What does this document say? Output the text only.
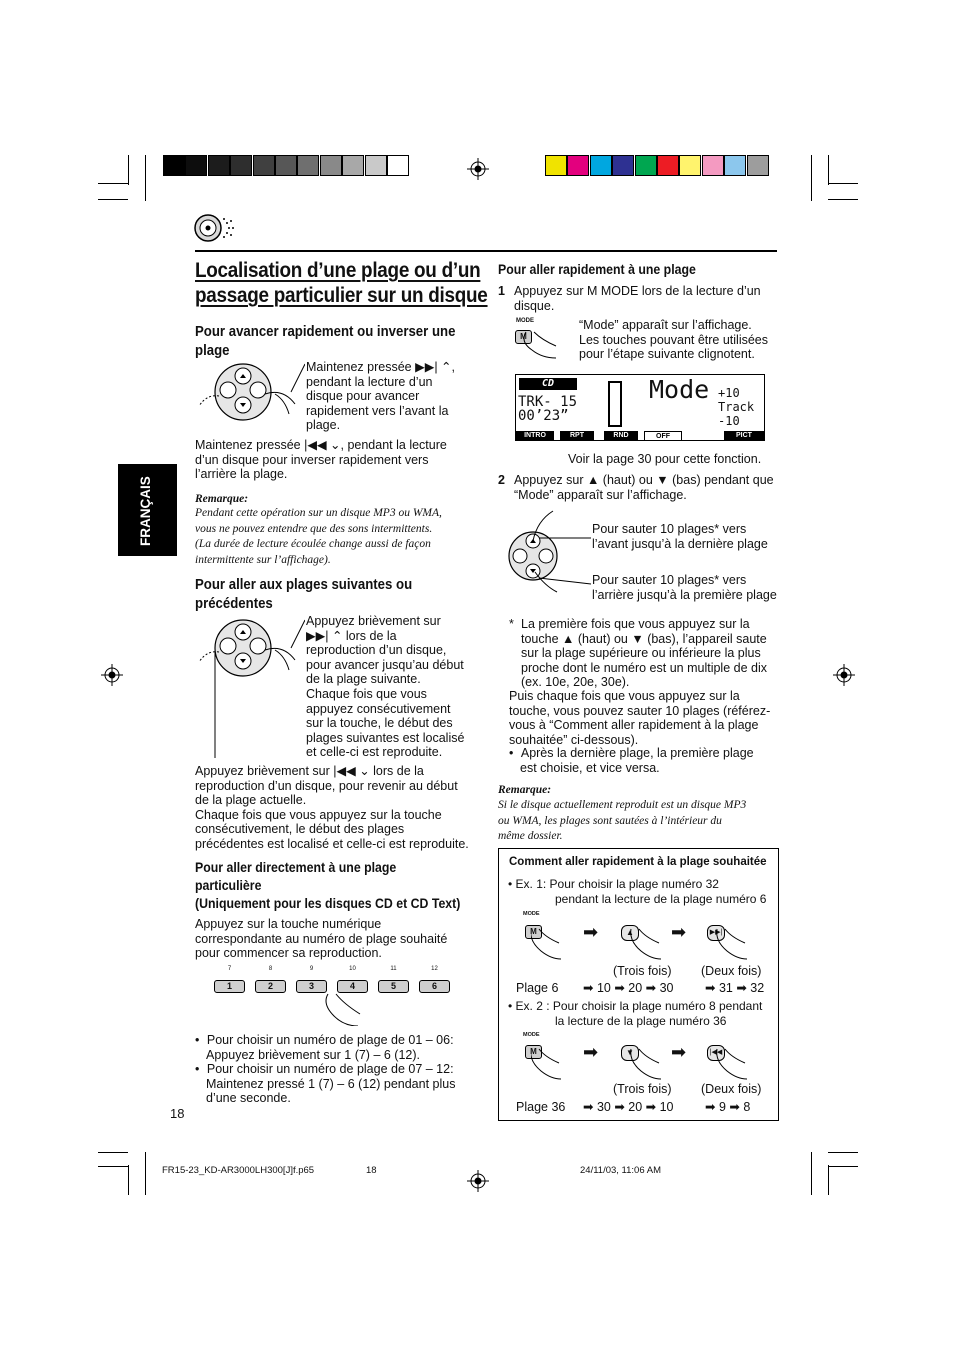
FRANÇAIS
Localisation d’une plage ou d’un
passage particulier sur un disque
Pour avancer rapidement ou inverser une
plage
Maintenez pressée ▶▶| ⌃,
pendant la lecture d’un
disque pour avancer
rapidement vers l’avant la
plage.
Maintenez pressée |◀◀ ⌄, pendant la lecture
d’un disque pour inverser rapidement vers
l’arrière la plage.
Remarque:
Pendant cette opération sur un disque MP3 ou WMA,
vous ne pouvez entendre que des sons intermittents.
(La durée de lecture écoulée change aussi de façon
intermittente sur l’affichage).
Pour aller aux plages suivantes ou
précédentes
Appuyez brièvement sur
▶▶| ⌃ lors de la
reproduction d’un disque,
pour avancer jusqu’au début
de la plage suivante.
Chaque fois que vous
appuyez consécutivement
sur la touche, le début des
plages suivantes est localisé
et celle-ci est reproduite.
Appuyez brièvement sur |◀◀ ⌄ lors de la
reproduction d’un disque, pour revenir au début
de la plage actuelle.
Chaque fois que vous appuyez sur la touche
consécutivement, le début des plages
précédentes est localisé et celle-ci est reproduite.
Pour aller directement à une plage
particulière
(Uniquement pour les disques CD et CD Text)
Appuyez sur la touche numérique
correspondante au numéro de plage souhaité
pour commencer sa reproduction.
7	8	9	10	11	12
1	2	3	4	5	6
• Pour choisir un numéro de plage de 01 – 06:
Appuyez brièvement sur 1 (7) – 6 (12).
• Pour choisir un numéro de plage de 07 – 12:
Maintenez pressé 1 (7) – 6 (12) pendant plus
d’une seconde.
18
Pour aller rapidement à une plage
1 Appuyez sur M MODE lors de la lecture d’un
disque.
MODE
M
“Mode” apparaît sur l’affichage.
Les touches pouvant être utilisées
pour l’étape suivante clignotent.
CD
TRK- 15
00’23”
Mode +10
Track
-10
INTRO	RPT	RND	OFF	PICT
Voir la page 30 pour cette fonction.
2 Appuyez sur ▲ (haut) ou ▼ (bas) pendant que
“Mode” apparaît sur l’affichage.
Pour sauter 10 plages* vers
l’avant jusqu’à la dernière plage
Pour sauter 10 plages* vers
l’arrière jusqu’à la première plage
* La première fois que vous appuyez sur la
touche ▲ (haut) ou ▼ (bas), l’appareil saute
sur la plage supérieure ou inférieure la plus
proche dont le numéro est un multiple de dix
(ex. 10e, 20e, 30e).
Puis chaque fois que vous appuyez sur la
touche, vous pouvez sauter 10 plages (référez-
vous à “Comment aller rapidement à la plage
souhaitée” ci-dessous).
• Après la dernière plage, la première plage
est choisie, et vice versa.
Remarque:
Si le disque actuellement reproduit est un disque MP3
ou WMA, les plages sont sautées à l’intérieur du
même dossier.
Comment aller rapidement à la plage souhaitée
• Ex. 1: Pour choisir la plage numéro 32
pendant la lecture de la plage numéro 6
MODE
M	➡	▲ ➡	▶▶|
(Trois fois) (Deux fois)
Plage 6 ➡ 10 ➡ 20 ➡ 30	➡ 31 ➡ 32
• Ex. 2 : Pour choisir la plage numéro 8 pendant
la lecture de la plage numéro 36
MODE
M	➡	▼ ➡	|◀◀
(Trois fois) (Deux fois)
Plage 36 ➡ 30 ➡ 20 ➡ 10	➡ 9 ➡ 8
FR15-23_KD-AR3000LH300[J]f.p65	18	24/11/03, 11:06 AM
